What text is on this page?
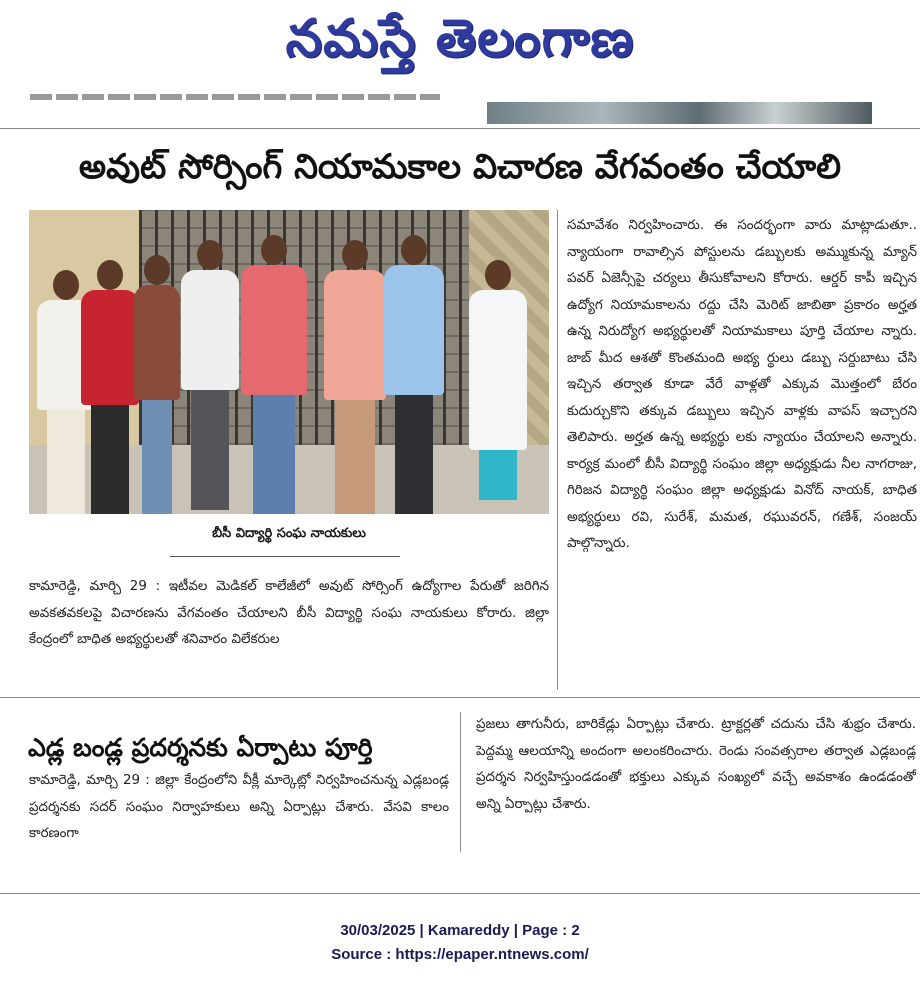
నమస్తే తెలంగాణ
అవుట్ సోర్సింగ్ నియామకాల విచారణ వేగవంతం చేయాలి
బీసీ విద్యార్థి సంఘ నాయకులు

సమావేశం నిర్వహించారు. ఈ సందర్భంగా వారు మాట్లాడుతూ.. న్యాయంగా రావాల్సిన పోస్టులను డబ్బులకు అమ్ముకున్న మ్యాన్ పవర్ ఏజెన్సీపై చర్యలు తీసుకోవాలని కోరారు. ఆర్డర్ కాపీ ఇచ్చిన ఉద్యోగ నియామకాలను రద్దు చేసి మెరిట్ జాబితా ప్రకారం అర్హత ఉన్న నిరుద్యోగ అభ్యర్థులతో నియామకాలు పూర్తి చేయాల న్నారు. జాబ్ మీద ఆశతో కొంతమంది అభ్య ర్థులు డబ్బు సర్దుబాటు చేసి ఇచ్చిన తర్వాత కూడా వేరే వాళ్లతో ఎక్కువ మొత్తంలో బేరం కుదుర్చుకొని తక్కువ డబ్బులు ఇచ్చిన వాళ్లకు వాపస్ ఇచ్చారని తెలిపారు. అర్హత ఉన్న అభ్యర్థు లకు న్యాయం చేయాలని అన్నారు. కార్యక్ర మంలో బీసీ విద్యార్థి సంఘం జిల్లా అధ్యక్షుడు నీల నాగరాజు, గిరిజన విద్యార్థి సంఘం జిల్లా అధ్యక్షుడు వినోద్ నాయక్, బాధిత అభ్యర్థులు రవి, సురేశ్, మమత, రఘువరన్, గణేశ్, సంజయ్ పాల్గొన్నారు.

కామారెడ్డి, మార్చి 29 : ఇటీవల మెడికల్ కాలేజీలో అవుట్ సోర్సింగ్ ఉద్యోగాల పేరుతో జరిగిన అవకతవకలపై విచారణను వేగవంతం చేయాలని బీసీ విద్యార్థి సంఘ నాయకులు కోరారు. జిల్లా కేంద్రంలో బాధిత అభ్యర్థులతో శనివారం విలేకరుల

ఎడ్ల బండ్ల ప్రదర్శనకు ఏర్పాటు పూర్తి

కామారెడ్డి, మార్చి 29 : జిల్లా కేంద్రంలోని వీక్లీ మార్కెట్లో నిర్వహించనున్న ఎడ్లబండ్ల ప్రదర్శనకు సదర్ సంఘం నిర్వాహకులు అన్ని ఏర్పాట్లు చేశారు. వేసవి కాలం కారణంగా

ప్రజలు తాగునీరు, బారికేడ్లు ఏర్పాట్లు చేశారు. ట్రాక్టర్లతో చదును చేసి శుభ్రం చేశారు. పెద్దమ్మ ఆలయాన్ని అందంగా అలంకరించారు. రెండు సంవత్సరాల తర్వాత ఎడ్లబండ్ల ప్రదర్శన నిర్వహిస్తుండడంతో భక్తులు ఎక్కువ సంఖ్యలో వచ్చే అవకాశం ఉండడంతో అన్ని ఏర్పాట్లు చేశారు.

30/03/2025 | Kamareddy | Page : 2
Source : https://epaper.ntnews.com/
